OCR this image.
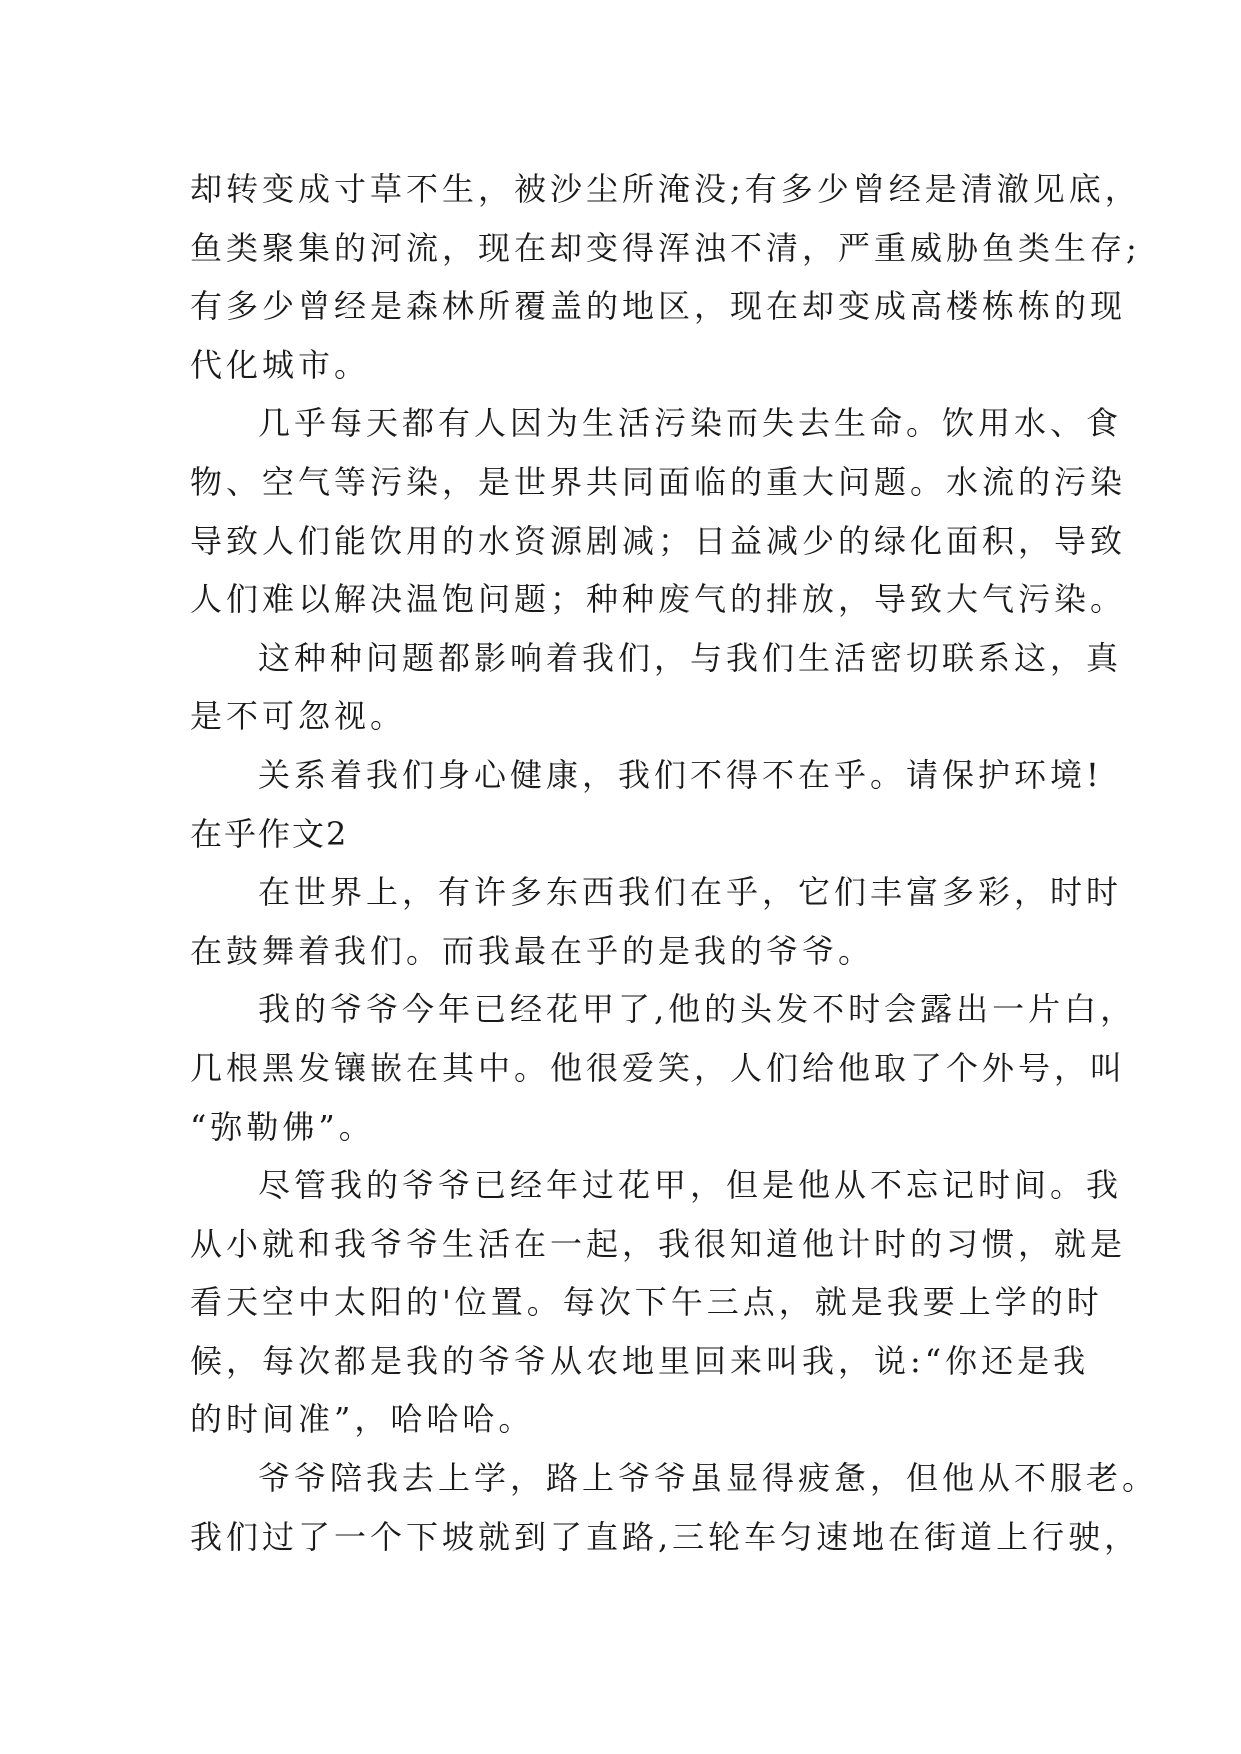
却转变成寸草不生，被沙尘所淹没;有多少曾经是清澈见底，
鱼类聚集的河流，现在却变得浑浊不清，严重威胁鱼类生存;
有多少曾经是森林所覆盖的地区，现在却变成高楼栋栋的现
代化城市。
几乎每天都有人因为生活污染而失去生命。饮用水、食
物、空气等污染，是世界共同面临的重大问题。水流的污染
导致人们能饮用的水资源剧减；日益减少的绿化面积，导致
人们难以解决温饱问题；种种废气的排放，导致大气污染。
这种种问题都影响着我们，与我们生活密切联系这，真
是不可忽视。
关系着我们身心健康，我们不得不在乎。请保护环境!
在乎作文2
在世界上，有许多东西我们在乎，它们丰富多彩，时时
在鼓舞着我们。而我最在乎的是我的爷爷。
我的爷爷今年已经花甲了,他的头发不时会露出一片白，
几根黑发镶嵌在其中。他很爱笑，人们给他取了个外号，叫
“弥勒佛”。
尽管我的爷爷已经年过花甲，但是他从不忘记时间。我
从小就和我爷爷生活在一起，我很知道他计时的习惯，就是
看天空中太阳的'位置。每次下午三点，就是我要上学的时
候，每次都是我的爷爷从农地里回来叫我，说:“你还是我
的时间准”，哈哈哈。
爷爷陪我去上学，路上爷爷虽显得疲惫，但他从不服老。
我们过了一个下坡就到了直路,三轮车匀速地在街道上行驶，
